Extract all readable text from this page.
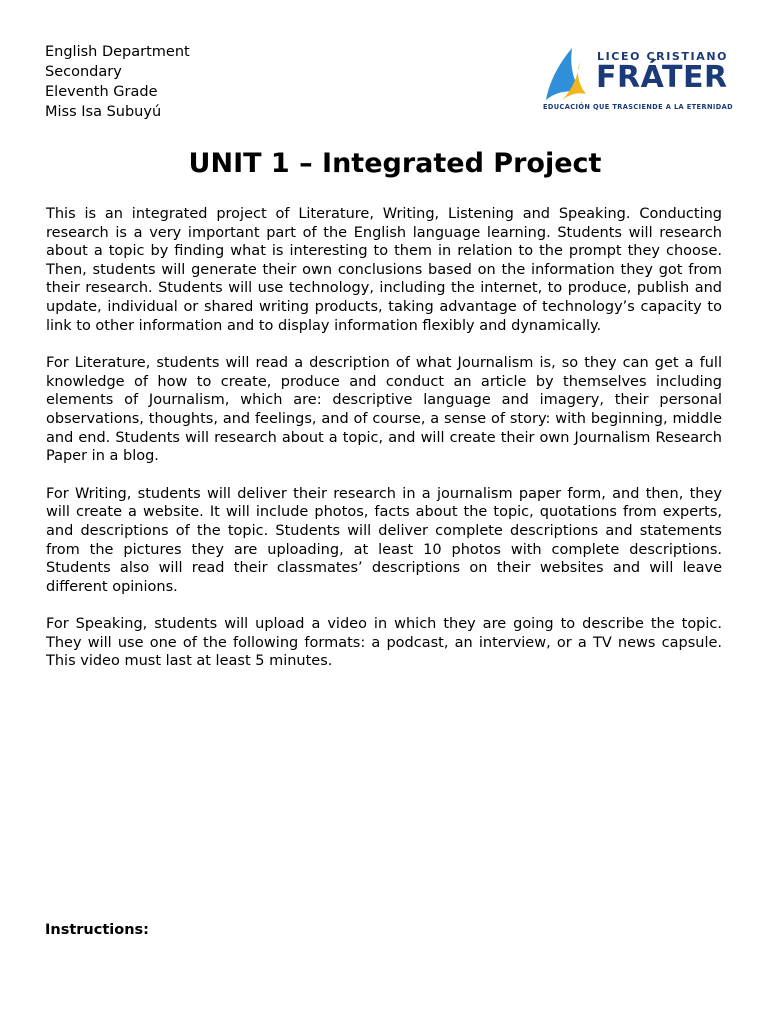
English Department
Secondary
Eleventh Grade
Miss Isa Subuyú
LICEO CRISTIANO
FRÁTER
EDUCACIÓN QUE TRASCIENDE A LA ETERNIDAD
UNIT 1 – Integrated Project

This is an integrated project of Literature, Writing, Listening and Speaking. Conducting research is a very important part of the English language learning. Students will research about a topic by finding what is interesting to them in relation to the prompt they choose. Then, students will generate their own conclusions based on the information they got from their research. Students will use technology, including the internet, to produce, publish and update, individual or shared writing products, taking advantage of technology’s capacity to link to other information and to display information flexibly and dynamically.

For Literature, students will read a description of what Journalism is, so they can get a full knowledge of how to create, produce and conduct an article by themselves including elements of Journalism, which are: descriptive language and imagery, their personal observations, thoughts, and feelings, and of course, a sense of story: with beginning, middle and end. Students will research about a topic, and will create their own Journalism Research Paper in a blog.

For Writing, students will deliver their research in a journalism paper form, and then, they will create a website. It will include photos, facts about the topic, quotations from experts, and descriptions of the topic. Students will deliver complete descriptions and statements from the pictures they are uploading, at least 10 photos with complete descriptions. Students also will read their classmates’ descriptions on their websites and will leave different opinions.

For Speaking, students will upload a video in which they are going to describe the topic. They will use one of the following formats: a podcast, an interview, or a TV news capsule. This video must last at least 5 minutes.

Instructions:
